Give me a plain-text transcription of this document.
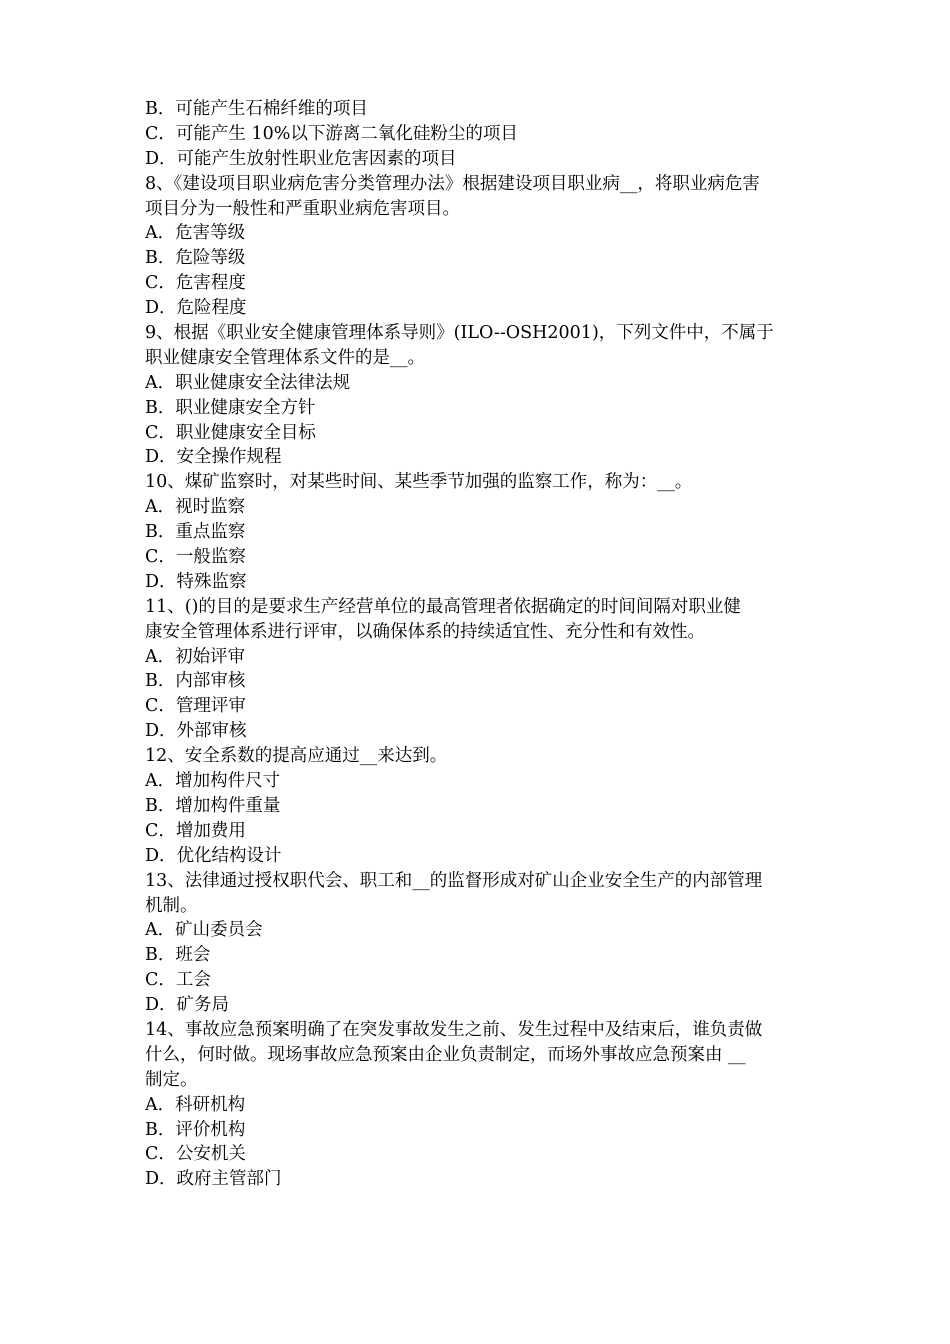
B．可能产生石棉纤维的项目
C．可能产生 10%以下游离二氧化硅粉尘的项目
D．可能产生放射性职业危害因素的项目
8、《建设项目职业病危害分类管理办法》根据建设项目职业病__，将职业病危害
项目分为一般性和严重职业病危害项目。
A．危害等级
B．危险等级
C．危害程度
D．危险程度
9、根据《职业安全健康管理体系导则》(ILO--OSH2001)，下列文件中，不属于
职业健康安全管理体系文件的是__。
A．职业健康安全法律法规
B．职业健康安全方针
C．职业健康安全目标
D．安全操作规程
10、煤矿监察时，对某些时间、某些季节加强的监察工作，称为：__。
A．视时监察
B．重点监察
C．一般监察
D．特殊监察
11、()的目的是要求生产经营单位的最高管理者依据确定的时间间隔对职业健
康安全管理体系进行评审，以确保体系的持续适宜性、充分性和有效性。
A．初始评审
B．内部审核
C．管理评审
D．外部审核
12、安全系数的提高应通过__来达到。
A．增加构件尺寸
B．增加构件重量
C．增加费用
D．优化结构设计
13、法律通过授权职代会、职工和__的监督形成对矿山企业安全生产的内部管理
机制。
A．矿山委员会
B．班会
C．工会
D．矿务局
14、事故应急预案明确了在突发事故发生之前、发生过程中及结束后，谁负责做
什么，何时做。现场事故应急预案由企业负责制定，而场外事故应急预案由 __
制定。
A．科研机构
B．评价机构
C．公安机关
D．政府主管部门
